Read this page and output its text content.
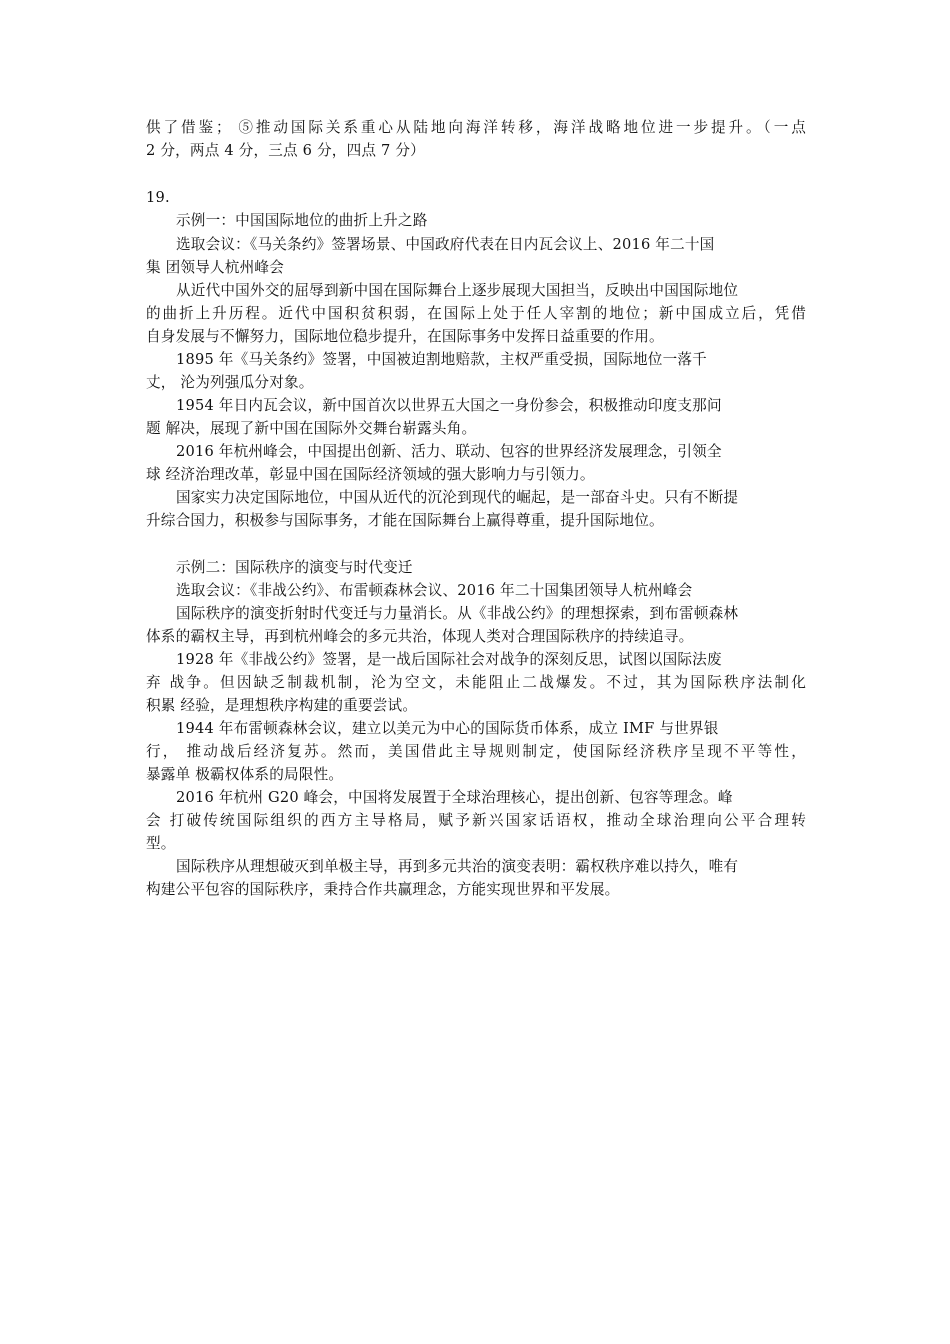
供了借鉴； ⑤推动国际关系重心从陆地向海洋转移，海洋战略地位进一步提升。（一点
2 分，两点 4 分，三点 6 分，四点 7 分）
19.
示例一：中国国际地位的曲折上升之路
选取会议：《马关条约》签署场景、中国政府代表在日内瓦会议上、2016 年二十国
集 团领导人杭州峰会
从近代中国外交的屈辱到新中国在国际舞台上逐步展现大国担当，反映出中国国际地位
的曲折上升历程。近代中国积贫积弱，在国际上处于任人宰割的地位；新中国成立后，凭借
自身发展与不懈努力，国际地位稳步提升，在国际事务中发挥日益重要的作用。
1895 年《马关条约》签署，中国被迫割地赔款，主权严重受损，国际地位一落千
丈， 沦为列强瓜分对象。
1954 年日内瓦会议，新中国首次以世界五大国之一身份参会，积极推动印度支那问
题 解决，展现了新中国在国际外交舞台崭露头角。
2016 年杭州峰会，中国提出创新、活力、联动、包容的世界经济发展理念，引领全
球 经济治理改革，彰显中国在国际经济领域的强大影响力与引领力。
国家实力决定国际地位，中国从近代的沉沦到现代的崛起，是一部奋斗史。只有不断提
升综合国力，积极参与国际事务，才能在国际舞台上赢得尊重，提升国际地位。
示例二：国际秩序的演变与时代变迁
选取会议：《非战公约》、布雷顿森林会议、2016 年二十国集团领导人杭州峰会
国际秩序的演变折射时代变迁与力量消长。从《非战公约》的理想探索，到布雷顿森林
体系的霸权主导，再到杭州峰会的多元共治，体现人类对合理国际秩序的持续追寻。
1928 年《非战公约》签署，是一战后国际社会对战争的深刻反思，试图以国际法废
弃 战争。但因缺乏制裁机制，沦为空文，未能阻止二战爆发。不过，其为国际秩序法制化
积累 经验，是理想秩序构建的重要尝试。
1944 年布雷顿森林会议，建立以美元为中心的国际货币体系，成立 IMF 与世界银
行， 推动战后经济复苏。然而，美国借此主导规则制定，使国际经济秩序呈现不平等性，
暴露单 极霸权体系的局限性。
2016 年杭州 G20 峰会，中国将发展置于全球治理核心，提出创新、包容等理念。峰
会 打破传统国际组织的西方主导格局，赋予新兴国家话语权，推动全球治理向公平合理转
型。
国际秩序从理想破灭到单极主导，再到多元共治的演变表明：霸权秩序难以持久，唯有
构建公平包容的国际秩序，秉持合作共赢理念，方能实现世界和平发展。
